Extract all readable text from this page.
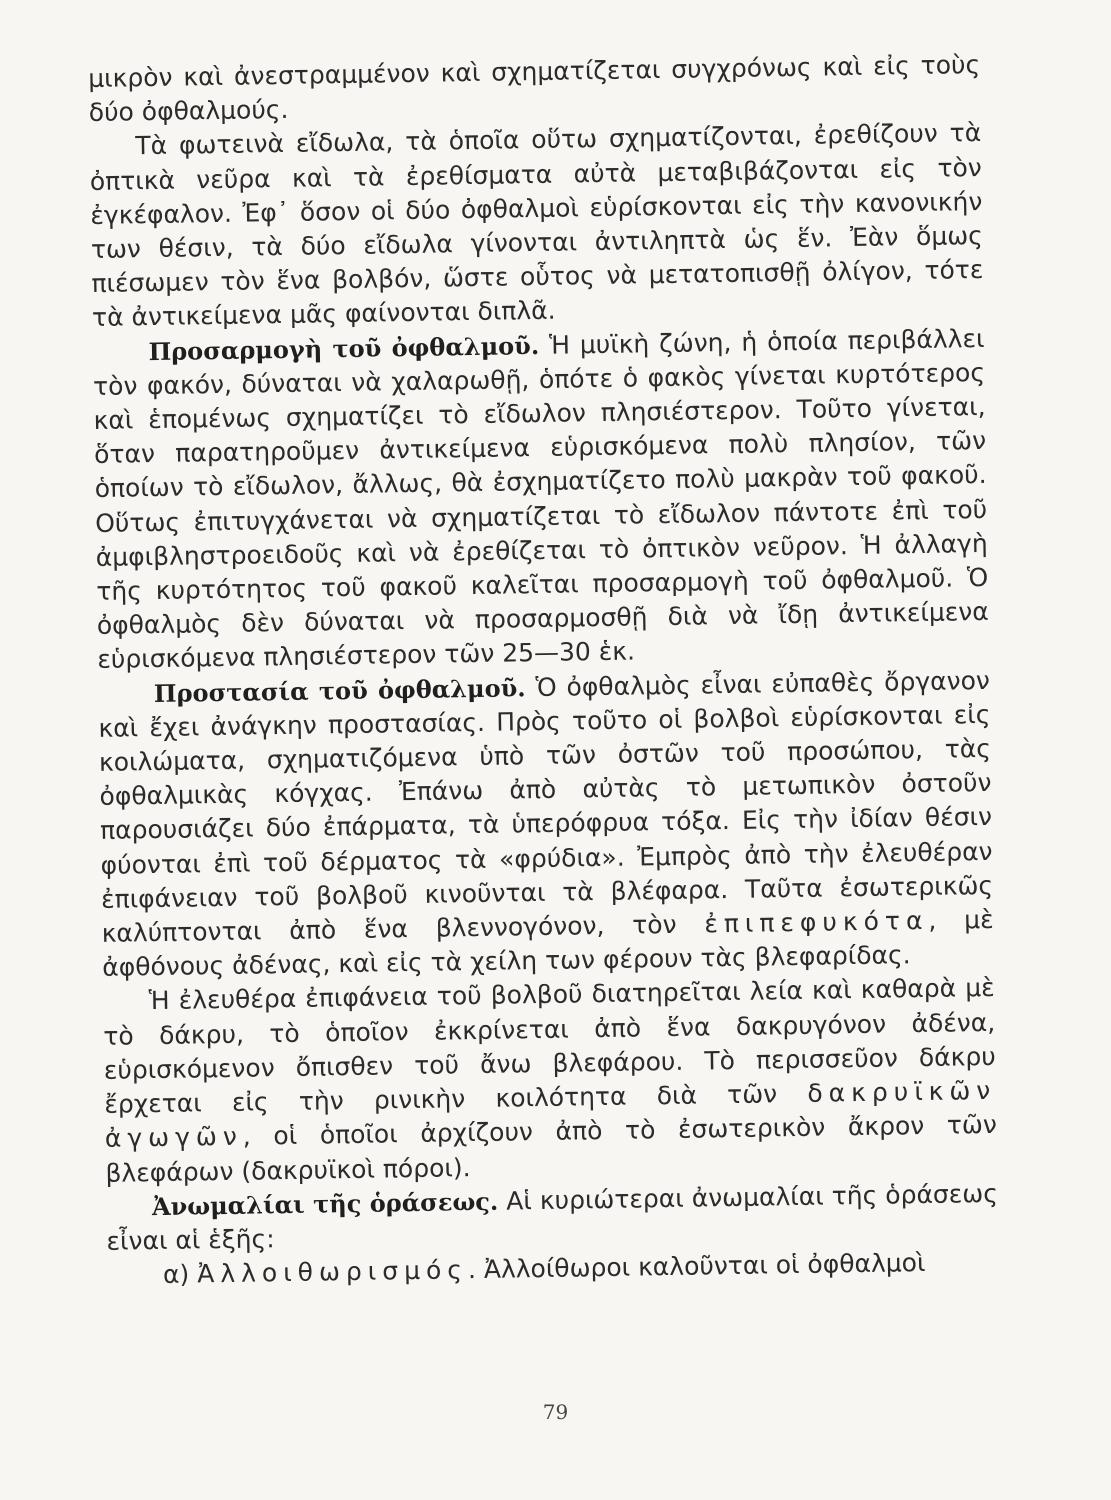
μικρὸν καὶ ἀνεστραμμένον καὶ σχηματίζεται συγχρόνως καὶ εἰς τοὺς δύο ὀφθαλμούς.

Τὰ φωτεινὰ εἴδωλα, τὰ ὁποῖα οὕτω σχηματίζονται, ἐρεθίζουν τὰ ὀπτικὰ νεῦρα καὶ τὰ ἐρεθίσματα αὐτὰ μεταβιβάζονται εἰς τὸν ἐγκέφαλον. Ἐφ᾽ ὅσον οἱ δύο ὀφθαλμοὶ εὑρίσκονται εἰς τὴν κανονικήν των θέσιν, τὰ δύο εἴδωλα γίνονται ἀντιληπτὰ ὡς ἕν. Ἐὰν ὅμως πιέσωμεν τὸν ἕνα βολβόν, ὥστε οὗτος νὰ μετατοπισθῇ ὀλίγον, τότε τὰ ἀντικείμενα μᾶς φαίνονται διπλᾶ.

Προσαρμογὴ τοῦ ὀφθαλμοῦ. Ἡ μυϊκὴ ζώνη, ἡ ὁποία περιβάλλει τὸν φακόν, δύναται νὰ χαλαρωθῇ, ὁπότε ὁ φακὸς γίνεται κυρτότερος καὶ ἑπομένως σχηματίζει τὸ εἴδωλον πλησιέστερον. Τοῦτο γίνεται, ὅταν παρατηροῦμεν ἀντικείμενα εὑρισκόμενα πολὺ πλησίον, τῶν ὁποίων τὸ εἴδωλον, ἄλλως, θὰ ἐσχηματίζετο πολὺ μακρὰν τοῦ φακοῦ. Οὕτως ἐπιτυγχάνεται νὰ σχηματίζεται τὸ εἴδωλον πάντοτε ἐπὶ τοῦ ἀμφιβληστροειδοῦς καὶ νὰ ἐρεθίζεται τὸ ὀπτικὸν νεῦρον. Ἡ ἀλλαγὴ τῆς κυρτότητος τοῦ φακοῦ καλεῖται προσαρμογὴ τοῦ ὀφθαλμοῦ. Ὁ ὀφθαλμὸς δὲν δύναται νὰ προσαρμοσθῇ διὰ νὰ ἴδῃ ἀντικείμενα εὑρισκόμενα πλησιέστερον τῶν 25—30 ἑκ.

Προστασία τοῦ ὀφθαλμοῦ. Ὁ ὀφθαλμὸς εἶναι εὐπαθὲς ὄργανον καὶ ἔχει ἀνάγκην προστασίας. Πρὸς τοῦτο οἱ βολβοὶ εὑρίσκονται εἰς κοιλώματα, σχηματιζόμενα ὑπὸ τῶν ὀστῶν τοῦ προσώπου, τὰς ὀφθαλμικὰς κόγχας. Ἐπάνω ἀπὸ αὐτὰς τὸ μετωπικὸν ὀστοῦν παρουσιάζει δύο ἐπάρματα, τὰ ὑπερόφρυα τόξα. Εἰς τὴν ἰδίαν θέσιν φύονται ἐπὶ τοῦ δέρματος τὰ «φρύδια». Ἐμπρὸς ἀπὸ τὴν ἐλευθέραν ἐπιφάνειαν τοῦ βολβοῦ κινοῦνται τὰ βλέφαρα. Ταῦτα ἐσωτερικῶς καλύπτονται ἀπὸ ἕνα βλεννογόνον, τὸν ἐπιπεφυκότα, μὲ ἀφθόνους ἀδένας, καὶ εἰς τὰ χείλη των φέρουν τὰς βλεφαρίδας.

Ἡ ἐλευθέρα ἐπιφάνεια τοῦ βολβοῦ διατηρεῖται λεία καὶ καθαρὰ μὲ τὸ δάκρυ, τὸ ὁποῖον ἐκκρίνεται ἀπὸ ἕνα δακρυγόνον ἀδένα, εὑρισκόμενον ὄπισθεν τοῦ ἄνω βλεφάρου. Τὸ περισσεῦον δάκρυ ἔρχεται εἰς τὴν ρινικὴν κοιλότητα διὰ τῶν δακρυϊκῶν ἀγωγῶν, οἱ ὁποῖοι ἀρχίζουν ἀπὸ τὸ ἐσωτερικὸν ἄκρον τῶν βλεφάρων (δακρυϊκοὶ πόροι).

Ἀνωμαλίαι τῆς ὁράσεως. Αἱ κυριώτεραι ἀνωμαλίαι τῆς ὁράσεως εἶναι αἱ ἑξῆς:

α) Ἀλλοιθωρισμός. Ἀλλοίθωροι καλοῦνται οἱ ὀφθαλμοὶ

79
